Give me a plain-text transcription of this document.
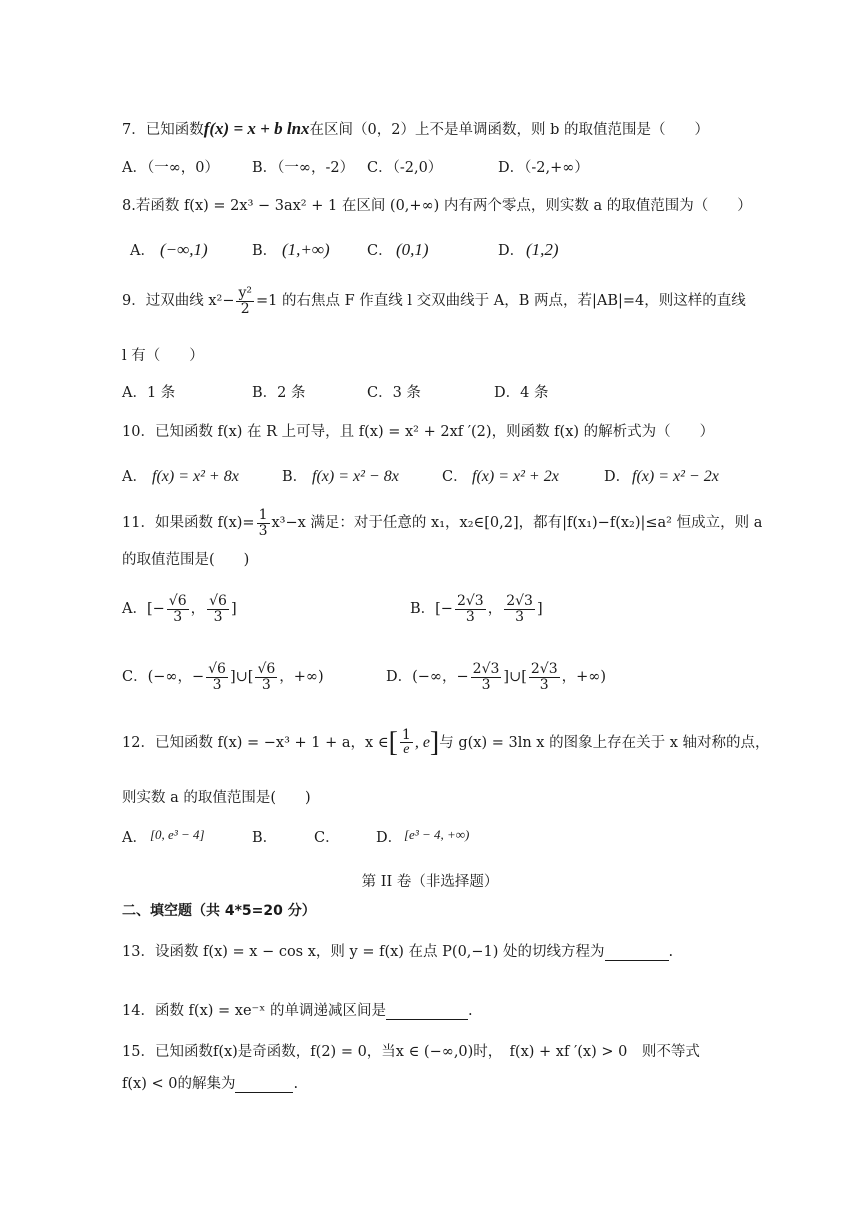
7．已知函数f(x) = x + b lnx在区间（0，2）上不是单调函数，则 b 的取值范围是（　　）
A．（一∞，0） B．（一∞，-2） C．（-2,0）	D．（-2,+∞）
8.若函数 f(x) = 2x³ − 3ax² + 1 在区间 (0,+∞) 内有两个零点，则实数 a 的取值范围为（　　）
A． (−∞,1)	B． (1,+∞)	C． (0,1)	D． (1,2)
9．过双曲线 $x^2- \frac{\text{y²}}{2} =1$ 的右焦点 F 作直线 l 交双曲线于 A，B 两点，若|AB|=4，则这样的直线
l 有（　　）
A．1 条	B．2 条	C．3 条	D．4 条
10．已知函数 f(x) 在 R 上可导，且 f(x) = x² + 2xf ′(2)，则函数 f(x) 的解析式为（　　）
A． f(x) = x² + 8x	B． f(x) = x² − 8x	C． f(x) = x² + 2x	D． f(x) = x² − 2x
11．如果函数 $f(x)= \frac{1}{3} x^3-x$ 满足：对于任意的 x₁，x₂∈[0,2]，都有|f(x₁)−f(x₂)|≤a² 恒成立，则 a
的取值范围是(　　)
A．[− $\frac{√6}{3}$ ， $\frac{√6}{3}$ ]	B．[− $\frac{2√3}{3}$ ， $\frac{2√3}{3}$ ]
C．(−∞，− $\frac{√6}{3}$ ]∪[ $\frac{√6}{3}$ ，+∞)	D．(−∞，− $\frac{2√3}{3}$ ]∪[ $\frac{2√3}{3}$ ，+∞)
12．已知函数 f(x) = −x³ + 1 + a，x ∈[ $\frac{1}{e}$ , e]与 g(x) = 3ln x 的图象上存在关于 x 轴对称的点，
则实数 a 的取值范围是(　　)
A． [0, e³ − 4]	B．	C．	D． [e³ − 4, +∞)
第 II 卷（非选择题）
二、填空题（共 4*5=20 分）
13．设函数 f(x) = x − cos x，则 y = f(x) 在点 P(0,−1) 处的切线方程为	.
14．函数 f(x) = xe⁻ˣ 的单调递减区间是	.
15．已知函数f(x)是奇函数，f(2) = 0，当x ∈ (−∞,0)时，　f(x) + xf ′(x) > 0　则不等式
f(x) < 0的解集为	.
